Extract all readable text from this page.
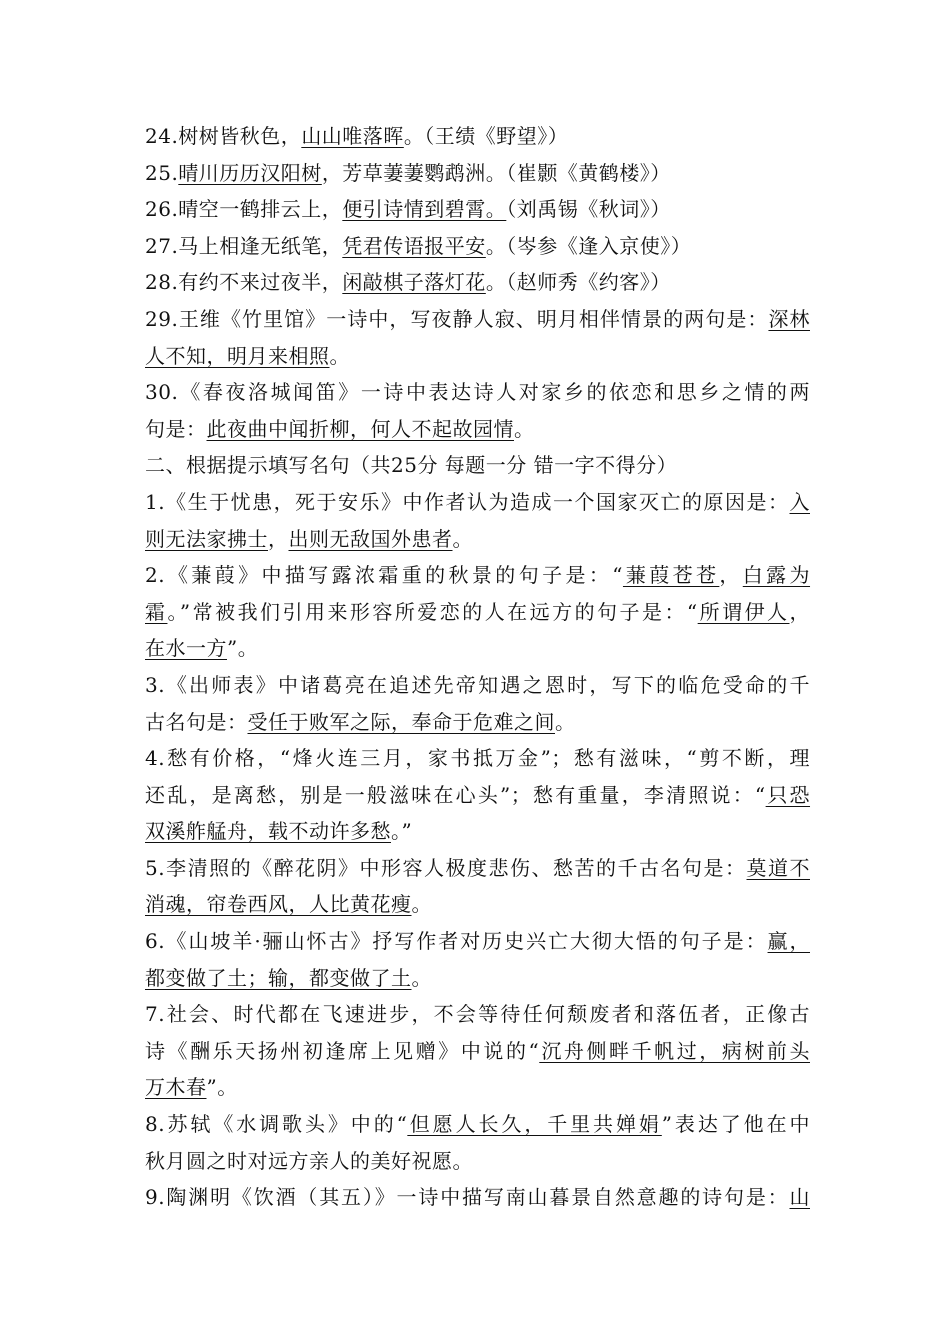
24.树树皆秋色，山山唯落晖。（王绩《野望》）
25.晴川历历汉阳树，芳草萋萋鹦鹉洲。（崔颢《黄鹤楼》）
26.晴空一鹤排云上，便引诗情到碧霄。（刘禹锡《秋词》）
27.马上相逢无纸笔，凭君传语报平安。（岑参《逢入京使》）
28.有约不来过夜半，闲敲棋子落灯花。（赵师秀《约客》）
29.王维《竹里馆》一诗中，写夜静人寂、明月相伴情景的两句是：深林
人不知，明月来相照。
30.《春夜洛城闻笛》一诗中表达诗人对家乡的依恋和思乡之情的两
句是：此夜曲中闻折柳，何人不起故园情。
二、根据提示填写名句（共25分 每题一分 错一字不得分）
1.《生于忧患，死于安乐》中作者认为造成一个国家灭亡的原因是：入
则无法家拂士，出则无敌国外患者。
2.《蒹葭》中描写露浓霜重的秋景的句子是：“蒹葭苍苍，白露为
霜。”常被我们引用来形容所爱恋的人在远方的句子是：“所谓伊人，
在水一方”。
3.《出师表》中诸葛亮在追述先帝知遇之恩时，写下的临危受命的千
古名句是：受任于败军之际，奉命于危难之间。
4.愁有价格，“烽火连三月，家书抵万金”；愁有滋味，“剪不断，理
还乱，是离愁，别是一般滋味在心头”；愁有重量，李清照说：“只恐
双溪舴艋舟，载不动许多愁。”
5.李清照的《醉花阴》中形容人极度悲伤、愁苦的千古名句是：莫道不
消魂，帘卷西风，人比黄花瘦。
6.《山坡羊·骊山怀古》抒写作者对历史兴亡大彻大悟的句子是：赢，
都变做了土；输，都变做了土。
7.社会、时代都在飞速进步，不会等待任何颓废者和落伍者，正像古
诗《酬乐天扬州初逢席上见赠》中说的“沉舟侧畔千帆过，病树前头
万木春”。
8.苏轼《水调歌头》中的“但愿人长久，千里共婵娟”表达了他在中
秋月圆之时对远方亲人的美好祝愿。
9.陶渊明《饮酒（其五）》一诗中描写南山暮景自然意趣的诗句是：山
